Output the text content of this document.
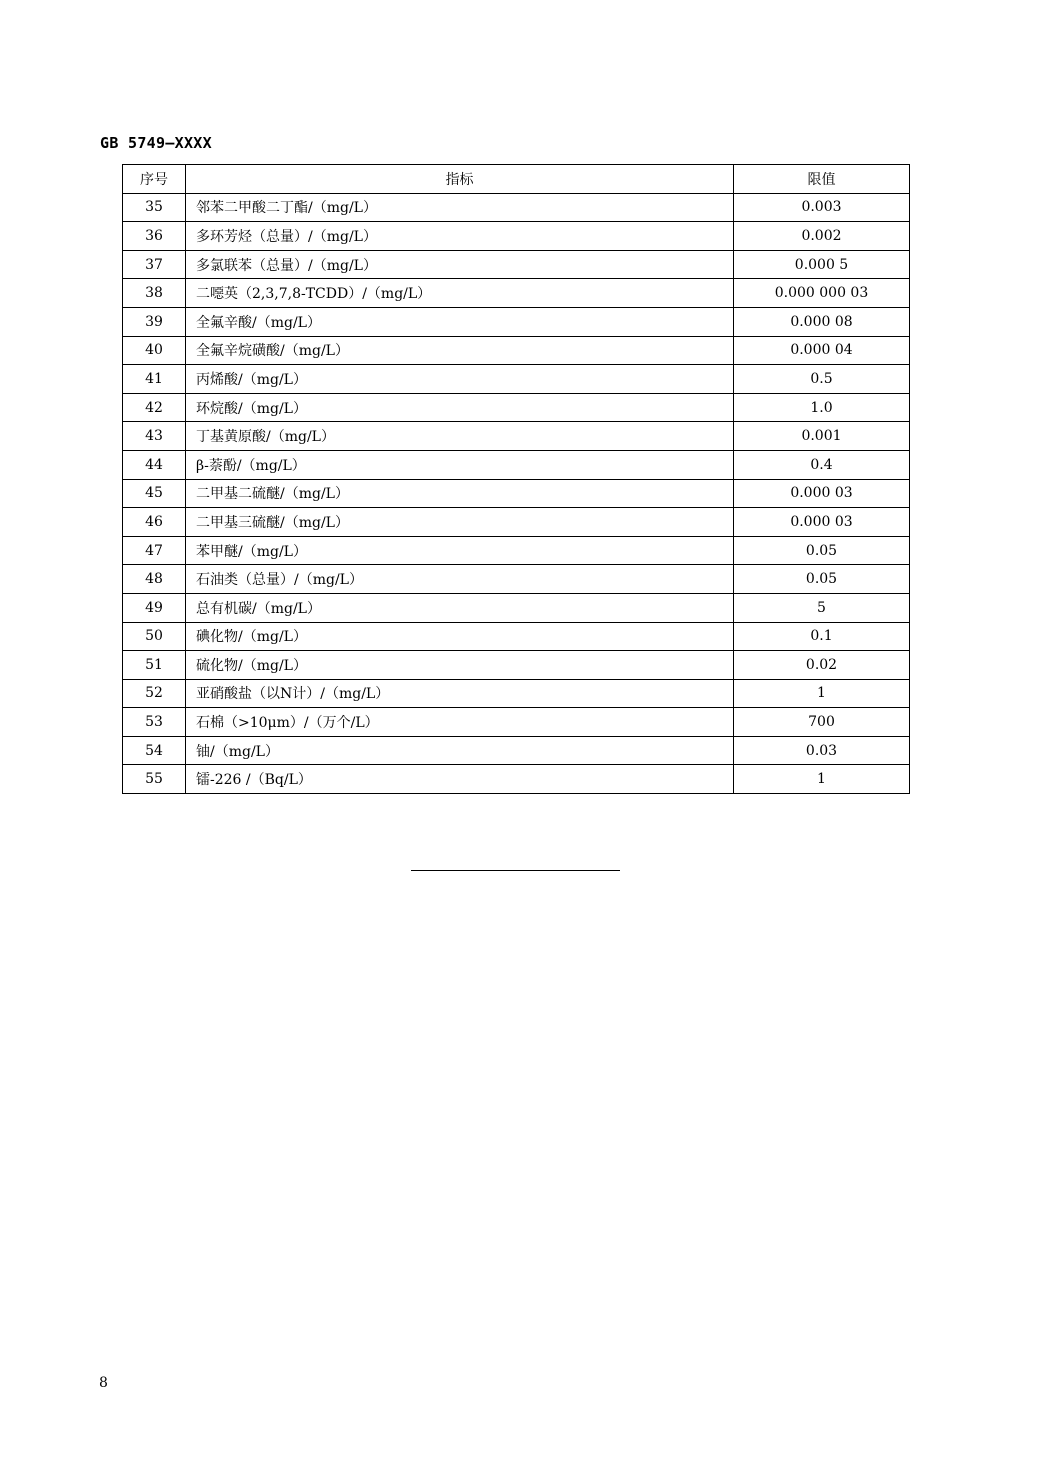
GB 5749—XXXX
序号	指标	限值
35	邻苯二甲酸二丁酯/（mg/L）	0.003
36	多环芳烃（总量）/（mg/L）	0.002
37	多氯联苯（总量）/（mg/L）	0.000 5
38	二噁英（2,3,7,8-TCDD）/（mg/L）	0.000 000 03
39	全氟辛酸/（mg/L）	0.000 08
40	全氟辛烷磺酸/（mg/L）	0.000 04
41	丙烯酸/（mg/L）	0.5
42	环烷酸/（mg/L）	1.0
43	丁基黄原酸/（mg/L）	0.001
44	β-萘酚/（mg/L）	0.4
45	二甲基二硫醚/（mg/L）	0.000 03
46	二甲基三硫醚/（mg/L）	0.000 03
47	苯甲醚/（mg/L）	0.05
48	石油类（总量）/（mg/L）	0.05
49	总有机碳/（mg/L）	5
50	碘化物/（mg/L）	0.1
51	硫化物/（mg/L）	0.02
52	亚硝酸盐（以N计）/（mg/L）	1
53	石棉（>10μm）/（万个/L）	700
54	铀/（mg/L）	0.03
55	镭-226 /（Bq/L）	1
8
